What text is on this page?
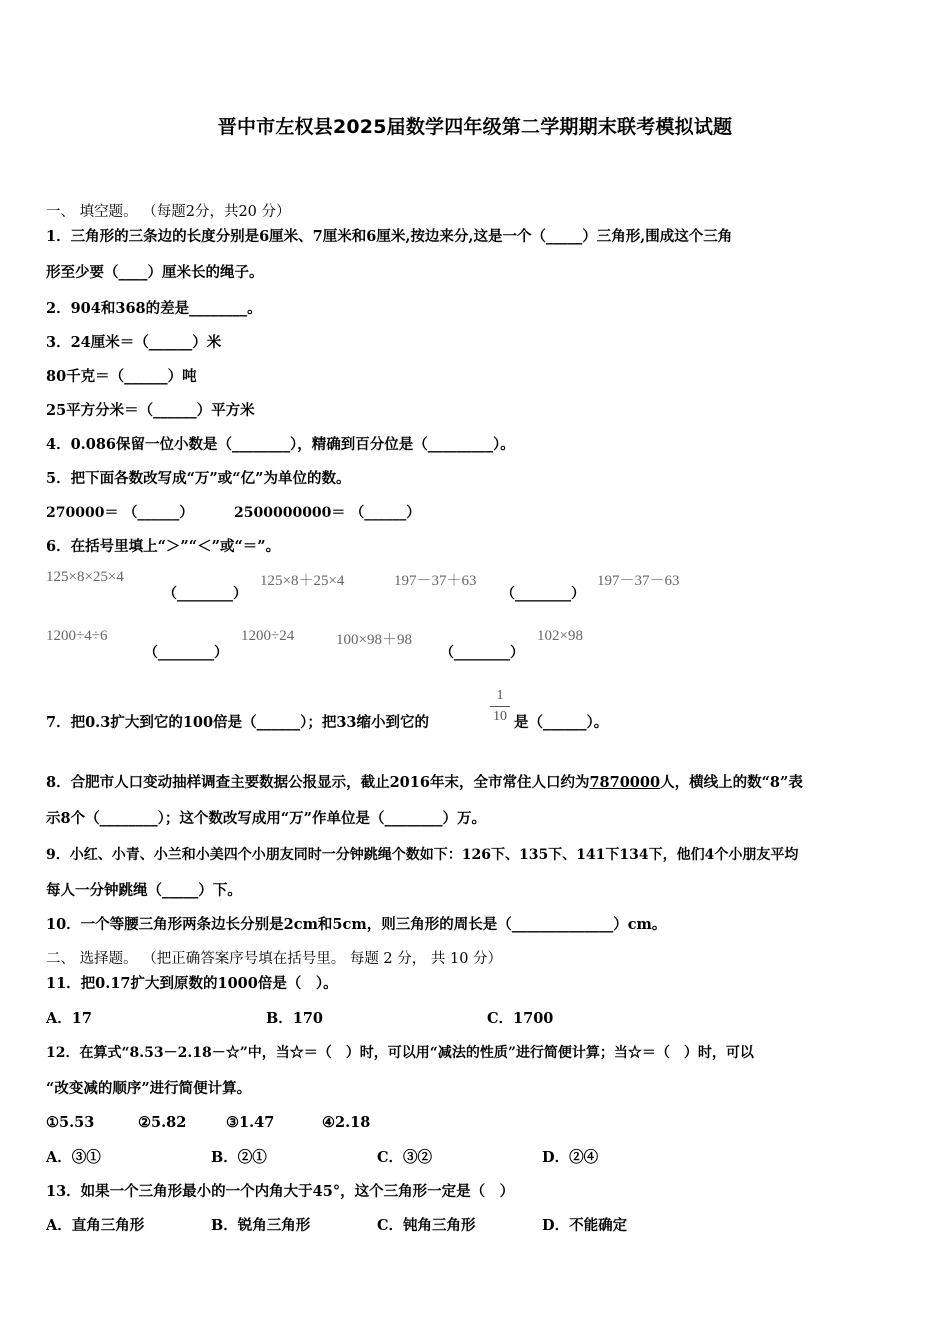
晋中市左权县2025届数学四年级第二学期期末联考模拟试题
一、 填空题。 （每题2分，共20 分）
1．三角形的三条边的长度分别是6厘米、7厘米和6厘米,按边来分,这是一个（_____）三角形,围成这个三角
形至少要（____）厘米长的绳子。
2．904和368的差是________。
3．24厘米＝（______）米
80千克＝（______）吨
25平方分米＝（______）平方米
4．0.086保留一位小数是（________），精确到百分位是（_________）。
5．把下面各数改写成“万”或“亿”为单位的数。
270000＝ （______）	2500000000＝ （______）
6．在括号里填上“＞”“＜”或“＝”。
125×8×25×4
（________）
125×8＋25×4	197－37＋63
（________）
197－37－63
1200÷4÷6
（________）
1200÷24	100×98＋98
（________）
102×98
7．把0.3扩大到它的100倍是（______）；把33缩小到它的
1
10 是（______）。
8．合肥市人口变动抽样调查主要数据公报显示，截止2016年末，全市常住人口约为7870000人，横线上的数“8”表
示8个（________）；这个数改写成用“万”作单位是（________）万。
9．小红、小青、小兰和小美四个小朋友同时一分钟跳绳个数如下：126下、135下、141下134下，他们4个小朋友平均
每人一分钟跳绳（_____）下。
10．一个等腰三角形两条边长分别是2cm和5cm，则三角形的周长是（______________）cm。
二、 选择题。 （把正确答案序号填在括号里。 每题 2 分， 共 10 分）
11．把0.17扩大到原数的1000倍是（　）。
A．17	B．170	C．1700
12．在算式“8.53－2.18－☆”中，当☆＝（　）时，可以用“减法的性质”进行简便计算；当☆＝（　）时，可以
“改变减的顺序”进行简便计算。
①5.53	②5.82	③1.47	④2.18
A．③①	B．②①	C．③②	D．②④
13．如果一个三角形最小的一个内角大于45°，这个三角形一定是（　）
A．直角三角形	B．锐角三角形	C．钝角三角形	D．不能确定
